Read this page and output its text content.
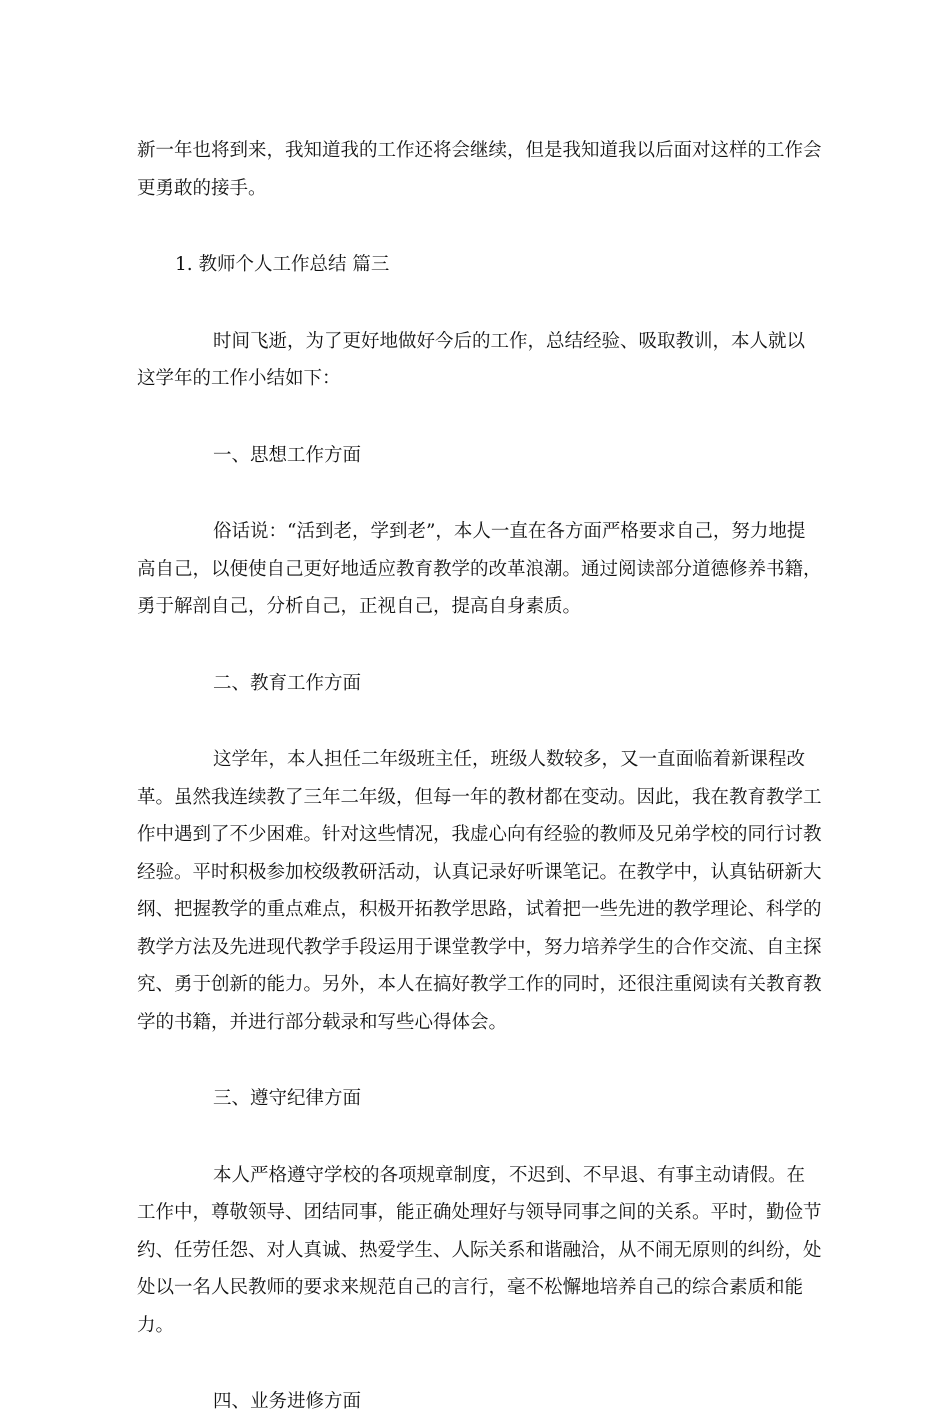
新一年也将到来，我知道我的工作还将会继续，但是我知道我以后面对这样的工作会更勇敢的接手。

1. 教师个人工作总结 篇三

时间飞逝，为了更好地做好今后的工作，总结经验、吸取教训，本人就以这学年的工作小结如下：

一、思想工作方面

俗话说：“活到老，学到老”，本人一直在各方面严格要求自己，努力地提高自己，以便使自己更好地适应教育教学的改革浪潮。通过阅读部分道德修养书籍，勇于解剖自己，分析自己，正视自己，提高自身素质。

二、教育工作方面

这学年，本人担任二年级班主任，班级人数较多，又一直面临着新课程改革。虽然我连续教了三年二年级，但每一年的教材都在变动。因此，我在教育教学工作中遇到了不少困难。针对这些情况，我虚心向有经验的教师及兄弟学校的同行讨教经验。平时积极参加校级教研活动，认真记录好听课笔记。在教学中，认真钻研新大纲、把握教学的重点难点，积极开拓教学思路，试着把一些先进的教学理论、科学的教学方法及先进现代教学手段运用于课堂教学中，努力培养学生的合作交流、自主探究、勇于创新的能力。另外，本人在搞好教学工作的同时，还很注重阅读有关教育教学的书籍，并进行部分载录和写些心得体会。

三、遵守纪律方面

本人严格遵守学校的各项规章制度，不迟到、不早退、有事主动请假。在工作中，尊敬领导、团结同事，能正确处理好与领导同事之间的关系。平时，勤俭节约、任劳任怨、对人真诚、热爱学生、人际关系和谐融洽，从不闹无原则的纠纷，处处以一名人民教师的要求来规范自己的言行，毫不松懈地培养自己的综合素质和能力。

四、业务进修方面
